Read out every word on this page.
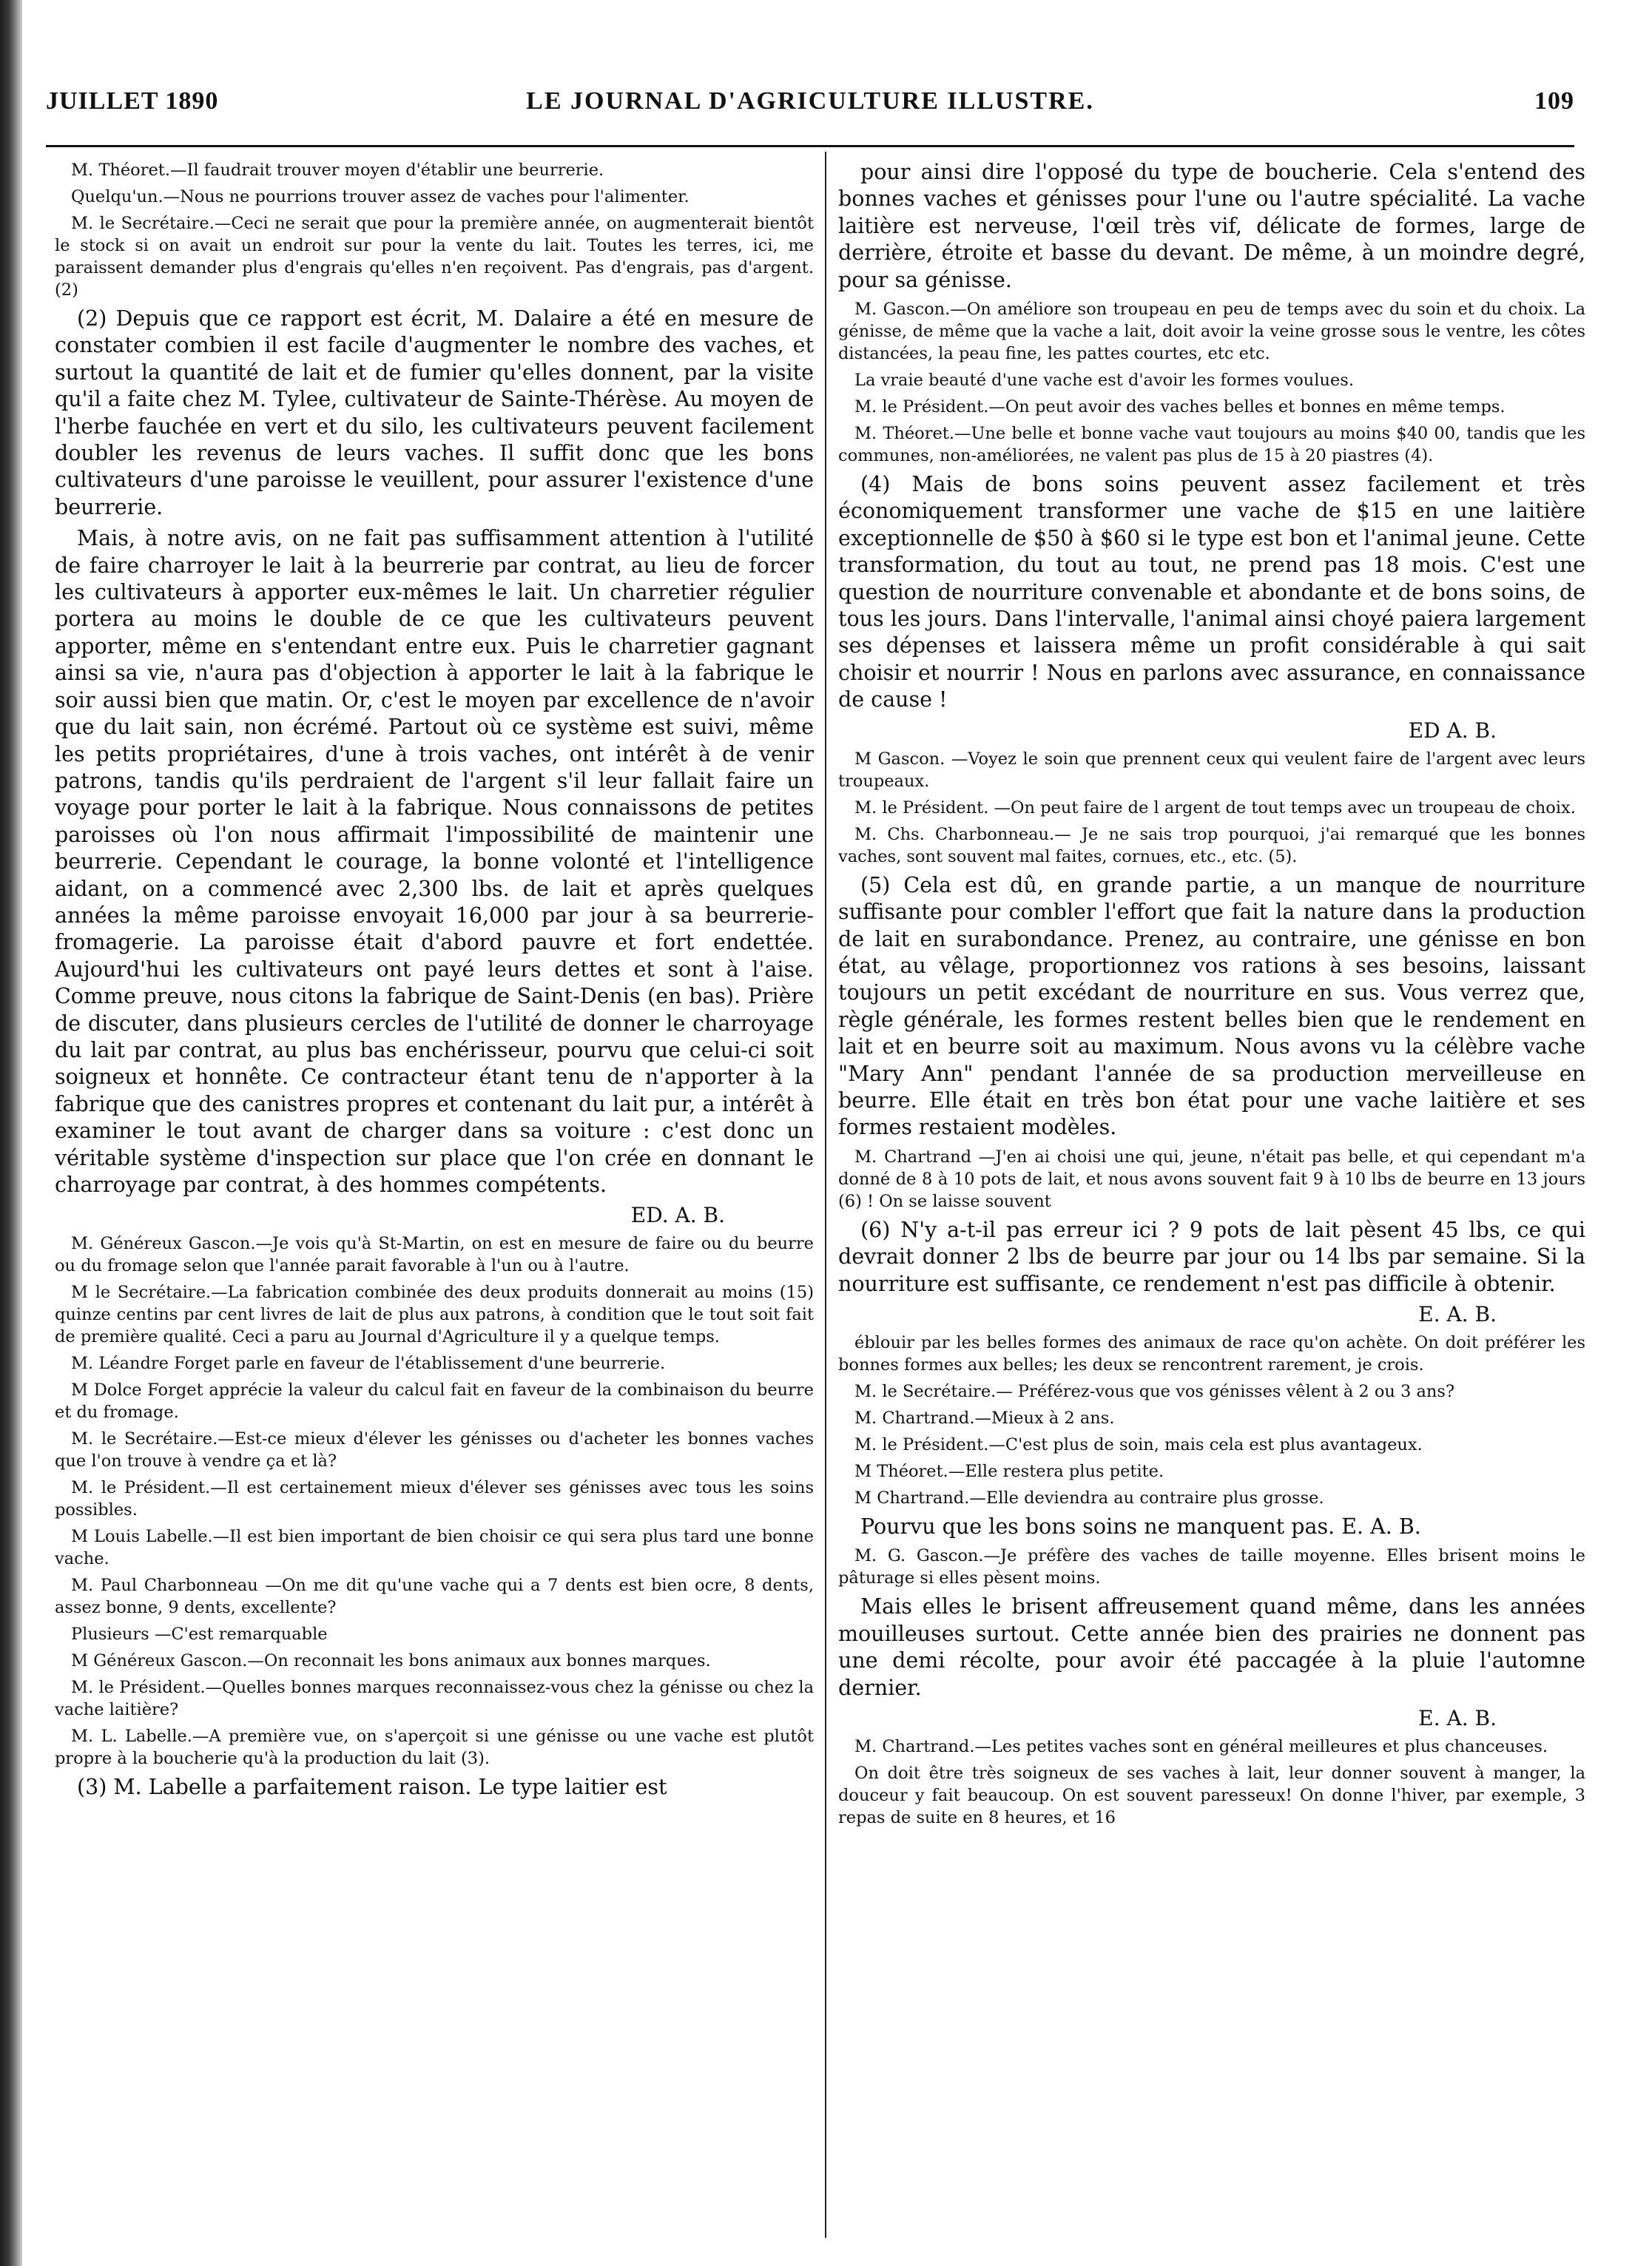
JUILLET 1890	LE JOURNAL D'AGRICULTURE ILLUSTRE.	109

M. Théoret.—Il faudrait trouver moyen d'établir une beurrerie.

Quelqu'un.—Nous ne pourrions trouver assez de vaches pour l'alimenter.

M. le Secrétaire.—Ceci ne serait que pour la première année, on augmenterait bientôt le stock si on avait un endroit sur pour la vente du lait. Toutes les terres, ici, me paraissent demander plus d'engrais qu'elles n'en reçoivent. Pas d'engrais, pas d'argent. (2)

(2) Depuis que ce rapport est écrit, M. Dalaire a été en mesure de constater combien il est facile d'augmenter le nombre des vaches, et surtout la quantité de lait et de fumier qu'elles donnent, par la visite qu'il a faite chez M. Tylee, cultivateur de Sainte-Thérèse. Au moyen de l'herbe fauchée en vert et du silo, les cultivateurs peuvent facilement doubler les revenus de leurs vaches. Il suffit donc que les bons cultivateurs d'une paroisse le veuillent, pour assurer l'existence d'une beurrerie.

Mais, à notre avis, on ne fait pas suffisamment attention à l'utilité de faire charroyer le lait à la beurrerie par contrat, au lieu de forcer les cultivateurs à apporter eux-mêmes le lait. Un charretier régulier portera au moins le double de ce que les cultivateurs peuvent apporter, même en s'entendant entre eux. Puis le charretier gagnant ainsi sa vie, n'aura pas d'objection à apporter le lait à la fabrique le soir aussi bien que matin. Or, c'est le moyen par excellence de n'avoir que du lait sain, non écrémé. Partout où ce système est suivi, même les petits propriétaires, d'une à trois vaches, ont intérêt à de venir patrons, tandis qu'ils perdraient de l'argent s'il leur fallait faire un voyage pour porter le lait à la fabrique. Nous connaissons de petites paroisses où l'on nous affirmait l'impossibilité de maintenir une beurrerie. Cependant le courage, la bonne volonté et l'intelligence aidant, on a commencé avec 2,300 lbs. de lait et après quelques années la même paroisse envoyait 16,000 par jour à sa beurrerie-fromagerie. La paroisse était d'abord pauvre et fort endettée. Aujourd'hui les cultivateurs ont payé leurs dettes et sont à l'aise. Comme preuve, nous citons la fabrique de Saint-Denis (en bas). Prière de discuter, dans plusieurs cercles de l'utilité de donner le charroyage du lait par contrat, au plus bas enchérisseur, pourvu que celui-ci soit soigneux et honnête. Ce contracteur étant tenu de n'apporter à la fabrique que des canistres propres et contenant du lait pur, a intérêt à examiner le tout avant de charger dans sa voiture : c'est donc un véritable système d'inspection sur place que l'on crée en donnant le charroyage par contrat, à des hommes compétents.

ED. A. B.

M. Généreux Gascon.—Je vois qu'à St-Martin, on est en mesure de faire ou du beurre ou du fromage selon que l'année parait favorable à l'un ou à l'autre.

M le Secrétaire.—La fabrication combinée des deux produits donnerait au moins (15) quinze centins par cent livres de lait de plus aux patrons, à condition que le tout soit fait de première qualité. Ceci a paru au Journal d'Agriculture il y a quelque temps.

M. Léandre Forget parle en faveur de l'établissement d'une beurrerie.

M Dolce Forget apprécie la valeur du calcul fait en faveur de la combinaison du beurre et du fromage.

M. le Secrétaire.—Est-ce mieux d'élever les génisses ou d'acheter les bonnes vaches que l'on trouve à vendre ça et là?

M. le Président.—Il est certainement mieux d'élever ses génisses avec tous les soins possibles.

M Louis Labelle.—Il est bien important de bien choisir ce qui sera plus tard une bonne vache.

M. Paul Charbonneau —On me dit qu'une vache qui a 7 dents est bien ocre, 8 dents, assez bonne, 9 dents, excellente?

Plusieurs —C'est remarquable

M Généreux Gascon.—On reconnait les bons animaux aux bonnes marques.

M. le Président.—Quelles bonnes marques reconnaissez-vous chez la génisse ou chez la vache laitière?

M. L. Labelle.—A première vue, on s'aperçoit si une génisse ou une vache est plutôt propre à la boucherie qu'à la production du lait (3).

(3) M. Labelle a parfaitement raison. Le type laitier est

pour ainsi dire l'opposé du type de boucherie. Cela s'entend des bonnes vaches et génisses pour l'une ou l'autre spécialité. La vache laitière est nerveuse, l'œil très vif, délicate de formes, large de derrière, étroite et basse du devant. De même, à un moindre degré, pour sa génisse.

M. Gascon.—On améliore son troupeau en peu de temps avec du soin et du choix. La génisse, de même que la vache a lait, doit avoir la veine grosse sous le ventre, les côtes distancées, la peau fine, les pattes courtes, etc etc.

La vraie beauté d'une vache est d'avoir les formes voulues.

M. le Président.—On peut avoir des vaches belles et bonnes en même temps.

M. Théoret.—Une belle et bonne vache vaut toujours au moins $40 00, tandis que les communes, non-améliorées, ne valent pas plus de 15 à 20 piastres (4).

(4) Mais de bons soins peuvent assez facilement et très économiquement transformer une vache de $15 en une laitière exceptionnelle de $50 à $60 si le type est bon et l'animal jeune. Cette transformation, du tout au tout, ne prend pas 18 mois. C'est une question de nourriture convenable et abondante et de bons soins, de tous les jours. Dans l'intervalle, l'animal ainsi choyé paiera largement ses dépenses et laissera même un profit considérable à qui sait choisir et nourrir ! Nous en parlons avec assurance, en connaissance de cause !

ED A. B.

M Gascon. —Voyez le soin que prennent ceux qui veulent faire de l'argent avec leurs troupeaux.

M. le Président. —On peut faire de l argent de tout temps avec un troupeau de choix.

M. Chs. Charbonneau.— Je ne sais trop pourquoi, j'ai remarqué que les bonnes vaches, sont souvent mal faites, cornues, etc., etc. (5).

(5) Cela est dû, en grande partie, a un manque de nourriture suffisante pour combler l'effort que fait la nature dans la production de lait en surabondance. Prenez, au contraire, une génisse en bon état, au vêlage, proportionnez vos rations à ses besoins, laissant toujours un petit excédant de nourriture en sus. Vous verrez que, règle générale, les formes restent belles bien que le rendement en lait et en beurre soit au maximum. Nous avons vu la célèbre vache "Mary Ann" pendant l'année de sa production merveilleuse en beurre. Elle était en très bon état pour une vache laitière et ses formes restaient modèles.

M. Chartrand —J'en ai choisi une qui, jeune, n'était pas belle, et qui cependant m'a donné de 8 à 10 pots de lait, et nous avons souvent fait 9 à 10 lbs de beurre en 13 jours (6) ! On se laisse souvent

(6) N'y a-t-il pas erreur ici ? 9 pots de lait pèsent 45 lbs, ce qui devrait donner 2 lbs de beurre par jour ou 14 lbs par semaine. Si la nourriture est suffisante, ce rendement n'est pas difficile à obtenir.

E. A. B.

éblouir par les belles formes des animaux de race qu'on achète. On doit préférer les bonnes formes aux belles; les deux se rencontrent rarement, je crois.

M. le Secrétaire.— Préférez-vous que vos génisses vêlent à 2 ou 3 ans?

M. Chartrand.—Mieux à 2 ans.

M. le Président.—C'est plus de soin, mais cela est plus avantageux.

M Théoret.—Elle restera plus petite.

M Chartrand.—Elle deviendra au contraire plus grosse.

Pourvu que les bons soins ne manquent pas. E. A. B.

M. G. Gascon.—Je préfère des vaches de taille moyenne. Elles brisent moins le pâturage si elles pèsent moins.

Mais elles le brisent affreusement quand même, dans les années mouilleuses surtout. Cette année bien des prairies ne donnent pas une demi récolte, pour avoir été paccagée à la pluie l'automne dernier.

E. A. B.

M. Chartrand.—Les petites vaches sont en général meilleures et plus chanceuses.

On doit être très soigneux de ses vaches à lait, leur donner souvent à manger, la douceur y fait beaucoup. On est souvent paresseux! On donne l'hiver, par exemple, 3 repas de suite en 8 heures, et 16
